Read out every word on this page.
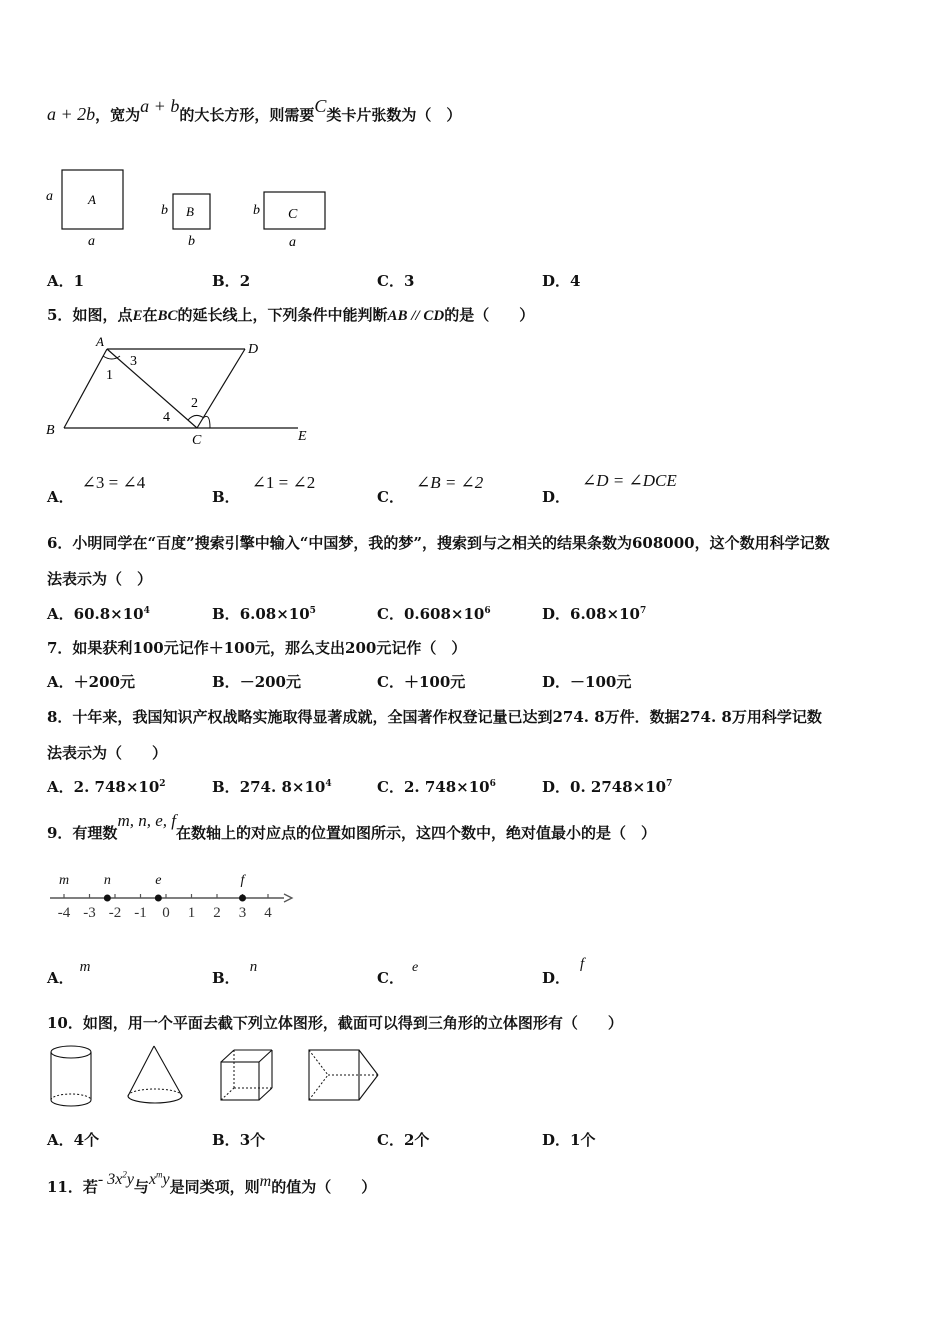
a + 2b，宽为a + b的大长方形，则需要C类卡片张数为（　）
A
a
a
B
b
b
C
b
a
A．1	B．2	C．3	D．4
5．如图，点E在BC的延长线上，下列条件中能判断AB // CD的是（　　）
A
D
B
C	E
1
2
3
4
A．∠3 = ∠4
B．∠1 = ∠2
C．∠B = ∠2
D．∠D = ∠DCE
6．小明同学在“百度”搜索引擎中输入“中国梦，我的梦”，搜索到与之相关的结果条数为608000，这个数用科学记数
法表示为（　）
A．$60.8\times 10^4$	B．$6.08\times 10^5$	C．$0.608\times 10^6$	D．$6.08\times 10^7$
7．如果获利100元记作＋100元，那么支出200元记作（　）
A．＋200元	B．－200元	C．＋100元	D．－100元
8．十年来，我国知识产权战略实施取得显著成就，全国著作权登记量已达到274. 8万件．数据274. 8万用科学记数
法表示为（　　）
A．2. $748\times 10^2$	B．274. $8\times 10^4$	C．2. $748\times 10^6$	D．0. $2748\times 10^7$
9．有理数m, n, e, f在数轴上的对应点的位置如图所示，这四个数中，绝对值最小的是（　）
-4 -3 -2 -1 0 1 2 3 4
m n	e	f
A．m
B．n
C．e
D．f
10．如图，用一个平面去截下列立体图形，截面可以得到三角形的立体图形有（　　）
A．4个	B．3个	C．2个	D．1个
11．若- $3x^2y$与$x^my$是同类项，则m的值为（　　）
